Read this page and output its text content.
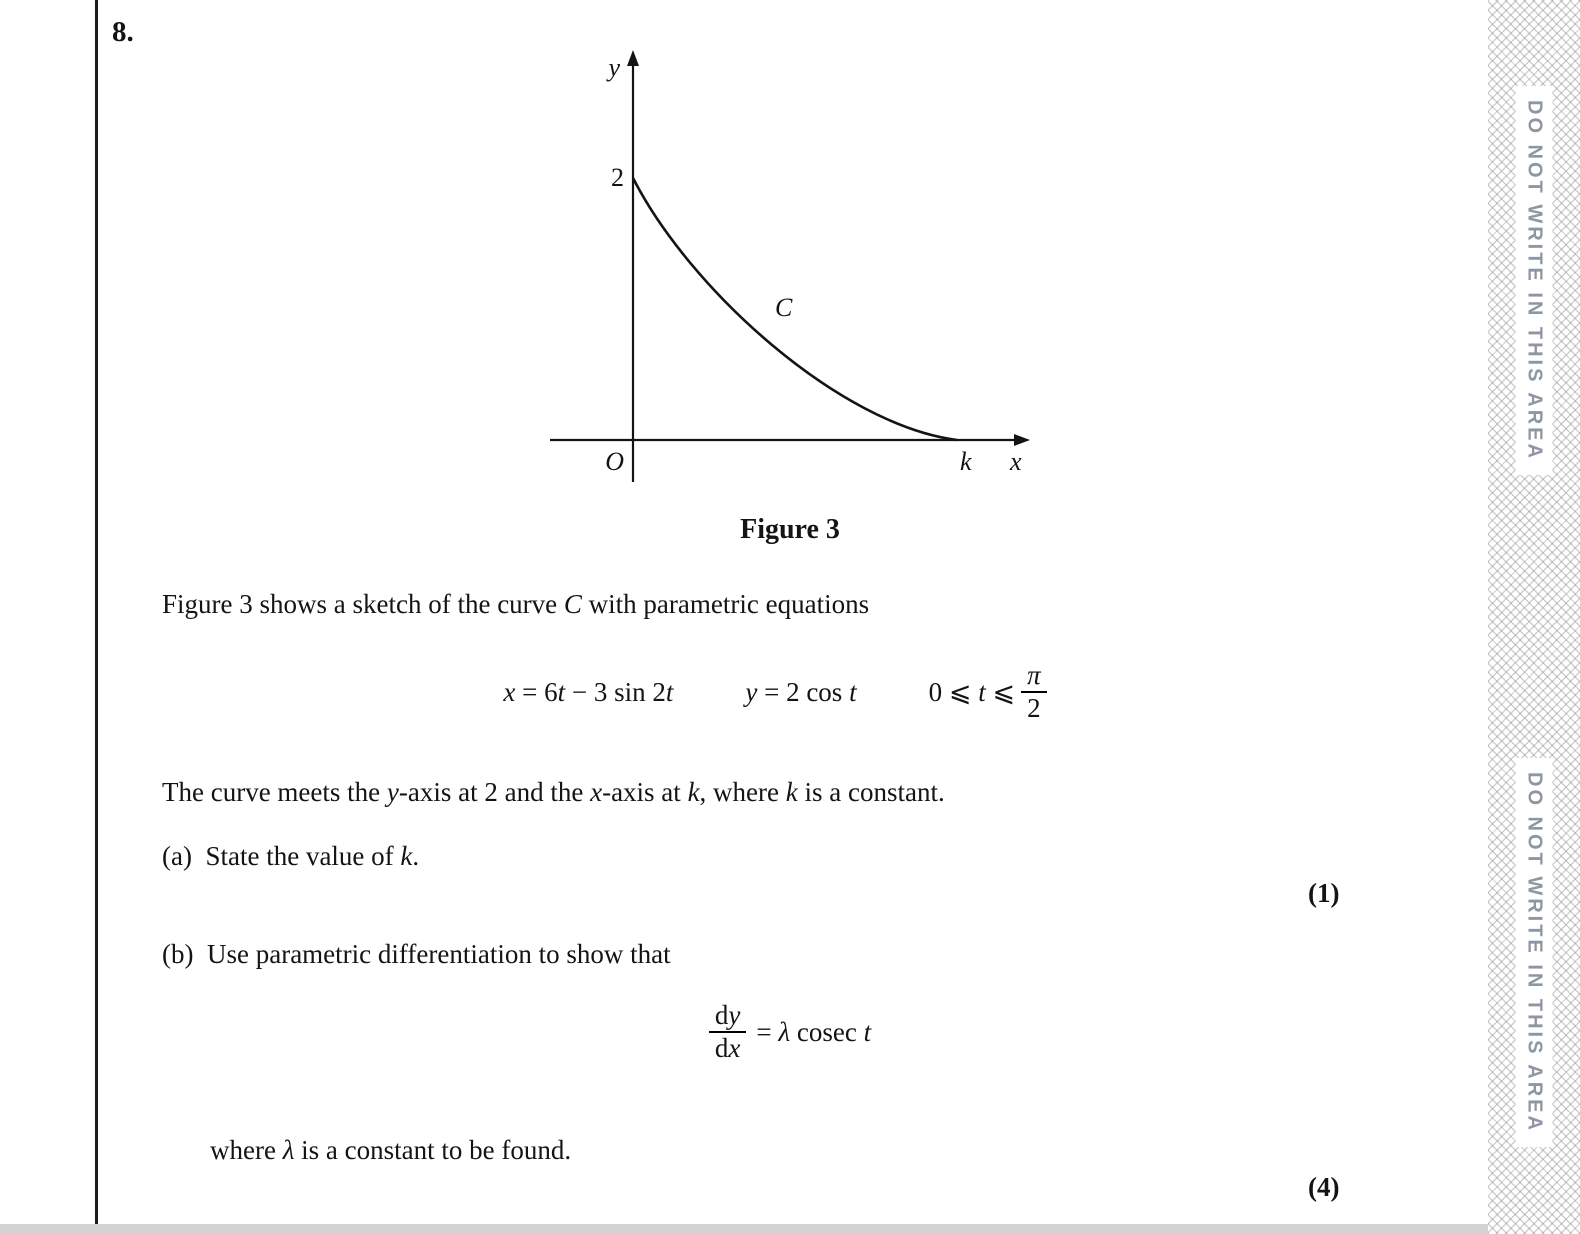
8.
y
2
C
O	k x
Figure 3
Figure 3 shows a sketch of the curve C with parametric equations
x = 6t − 3 sin 2t	y = 2 cos t	0 ⩽ t ⩽ $\frac{\pi}{2}$
The curve meets the y-axis at 2 and the x-axis at k, where k is a constant.
(a)  State the value of k.
(1)
(b)  Use parametric differentiation to show that
$\frac{dy}{dx} = \lambda$ cosec t
where λ is a constant to be found.
(4)
DO NOT WRITE IN THIS AREA
DO NOT WRITE IN THIS AREA
